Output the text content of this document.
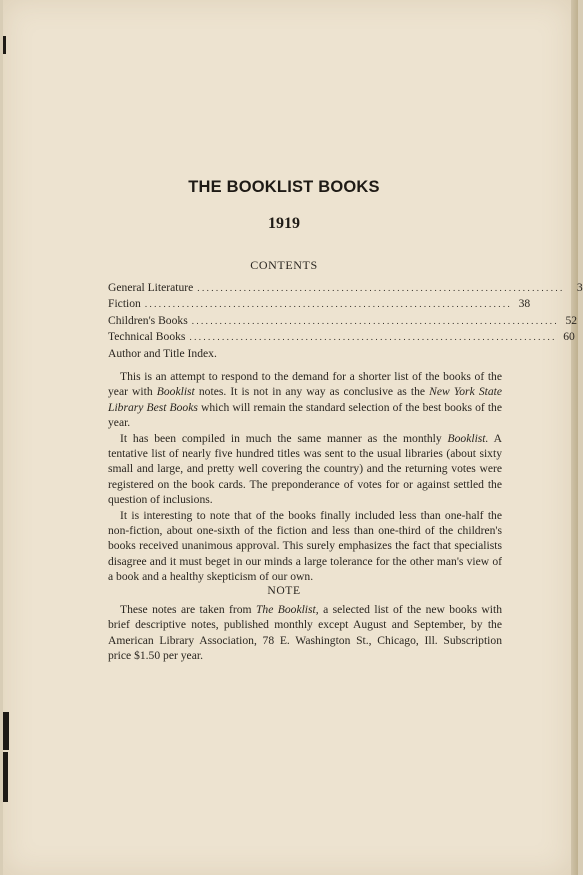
THE BOOKLIST BOOKS
1919
CONTENTS
General Literature ...............................................................................	3
Fiction ............................................................................... 38
Children's Books ............................................................................... 52
Technical Books ............................................................................... 60
Author and Title Index.

This is an attempt to respond to the demand for a shorter list of the books of the year with Booklist notes. It is not in any way as conclusive as the New York State Library Best Books which will remain the standard selection of the best books of the year.

It has been compiled in much the same manner as the monthly Booklist. A tentative list of nearly five hundred titles was sent to the usual libraries (about sixty small and large, and pretty well covering the country) and the returning votes were registered on the book cards. The preponderance of votes for or against settled the question of inclusions.

It is interesting to note that of the books finally included less than one-half the non-fiction, about one-sixth of the fiction and less than one-third of the children's books received unanimous approval. This surely emphasizes the fact that specialists disagree and it must beget in our minds a large tolerance for the other man's view of a book and a healthy skepticism of our own.

NOTE

These notes are taken from The Booklist, a selected list of the new books with brief descriptive notes, published monthly except August and September, by the American Library Association, 78 E. Washington St., Chicago, Ill. Subscription price $1.50 per year.
